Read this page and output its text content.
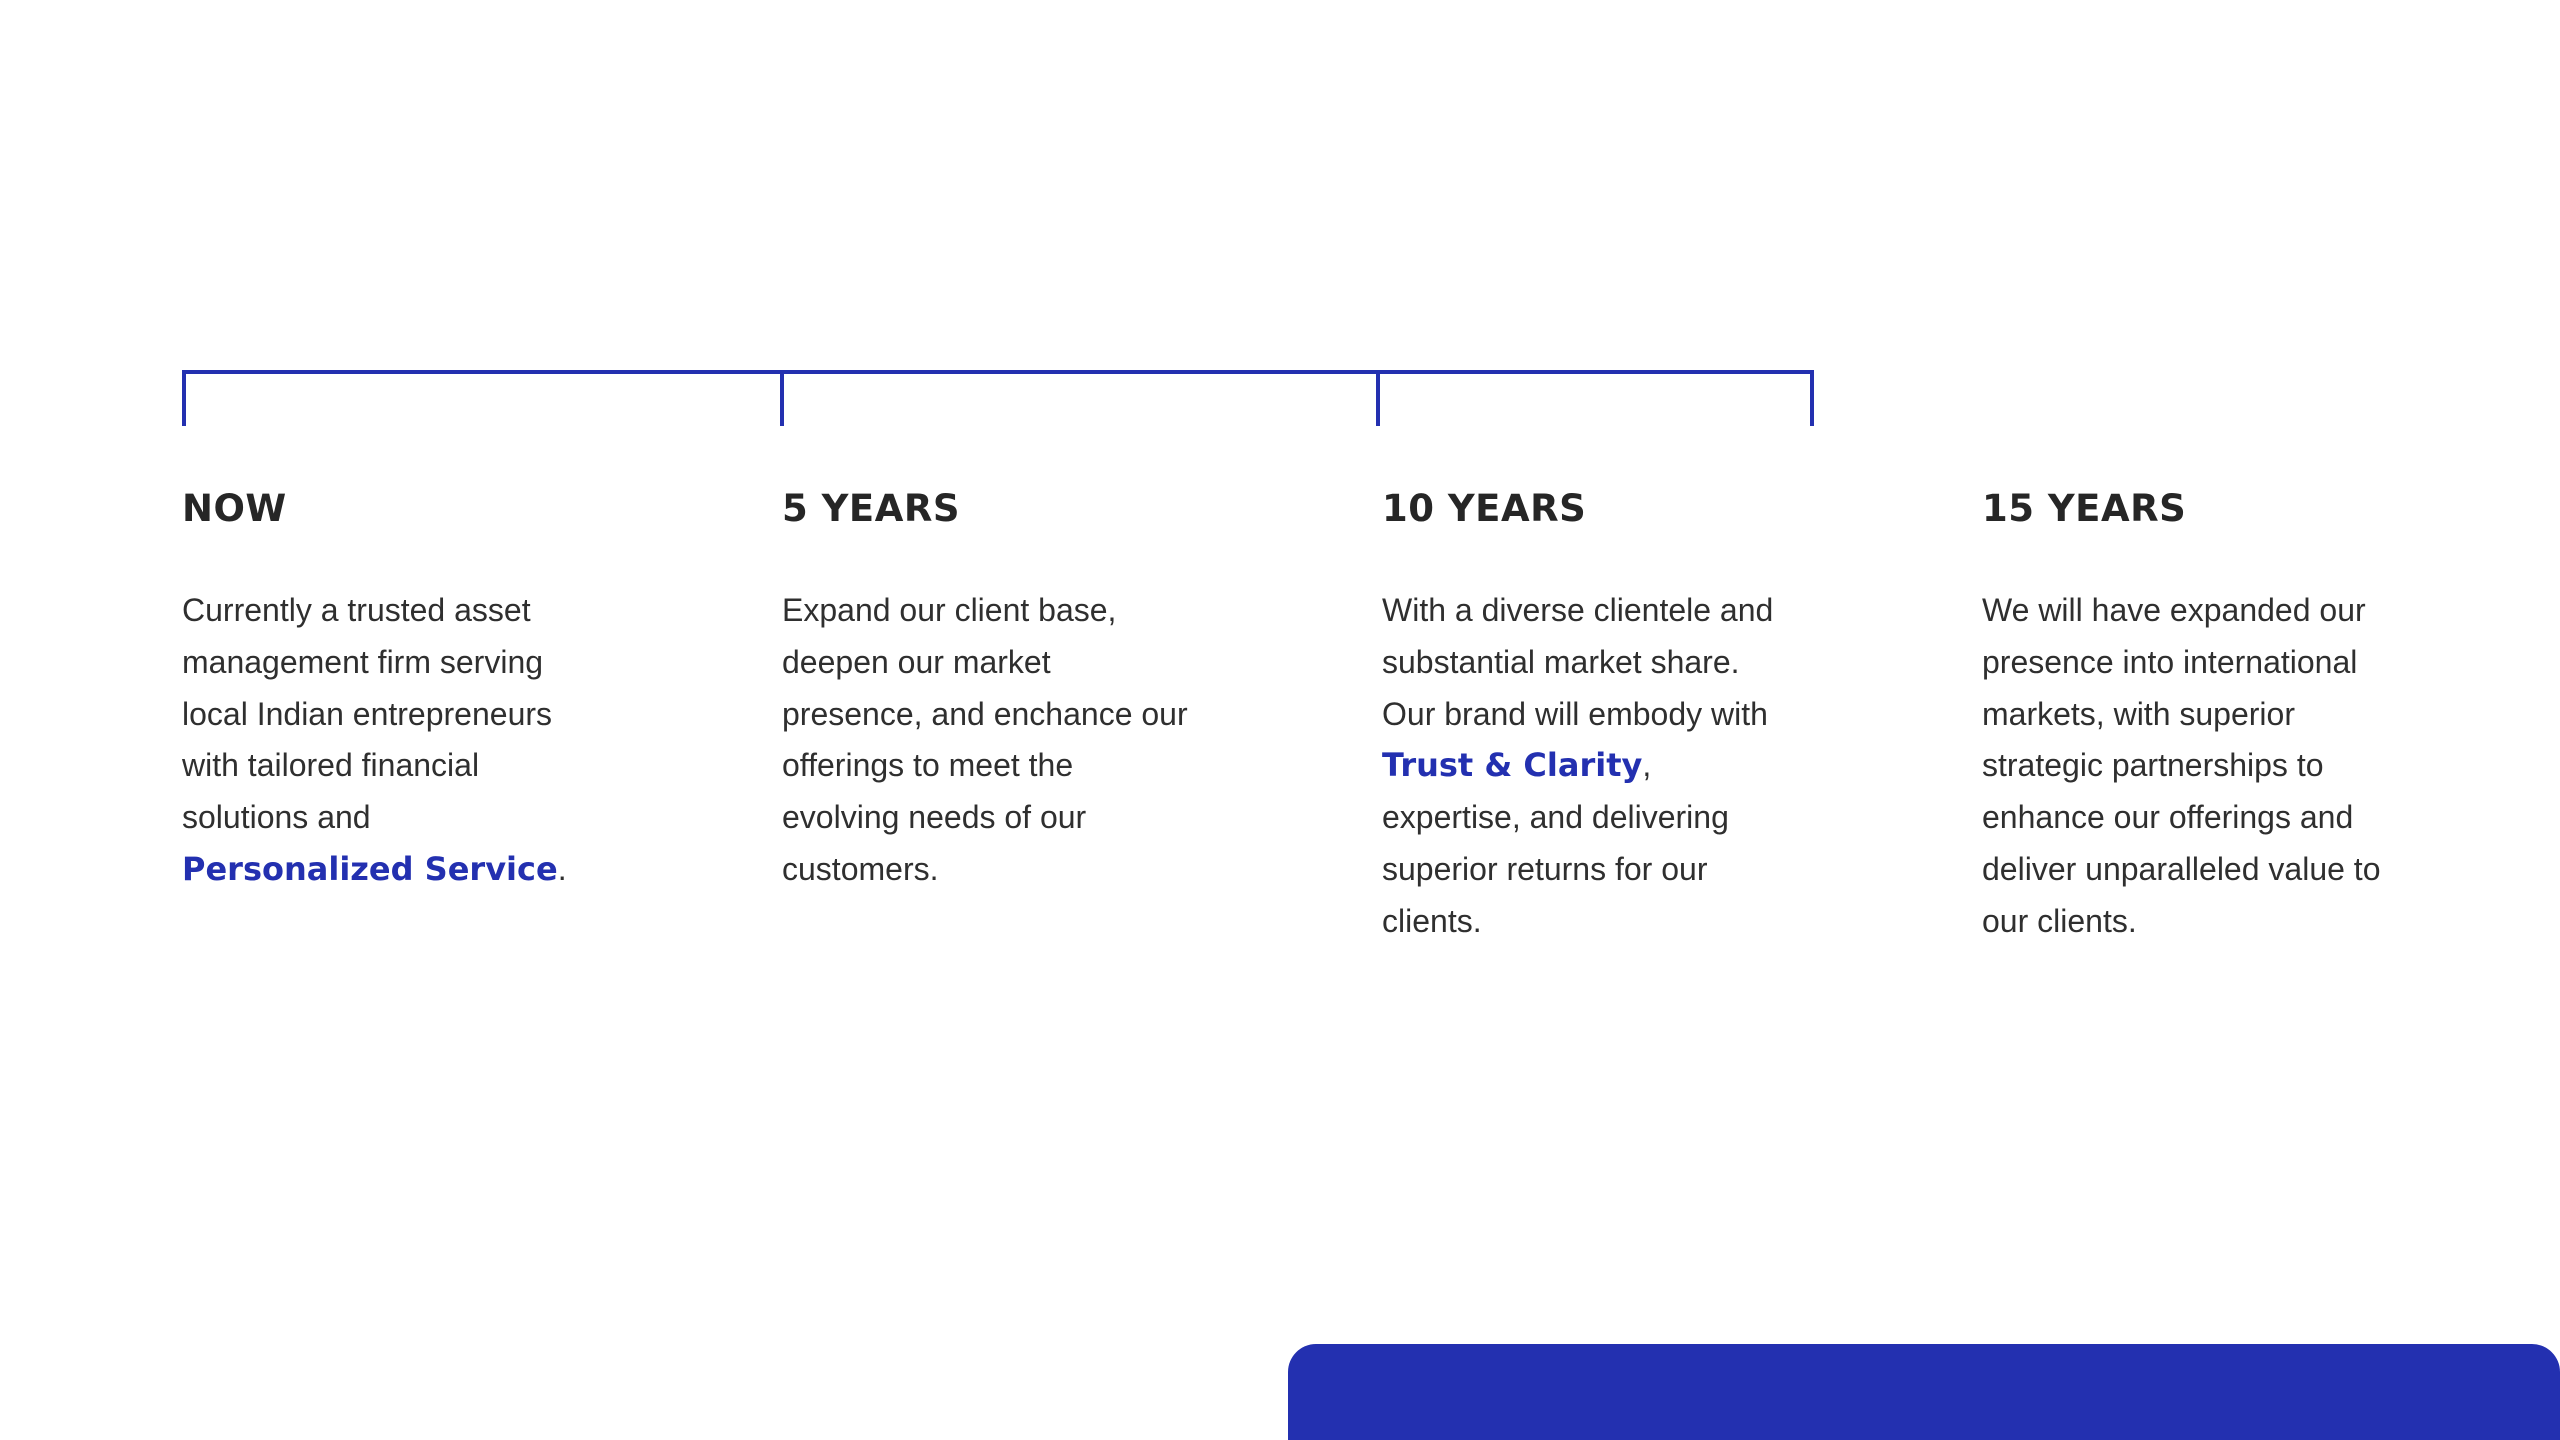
NOW

Currently a trusted asset management firm serving local Indian entrepreneurs with tailored financial solutions and Personalized Service.

5 YEARS

Expand our client base, deepen our market presence, and enchance our offerings to meet the evolving needs of our customers.

10 YEARS

With a diverse clientele and substantial market share. Our brand will embody with Trust & Clarity, expertise, and delivering superior returns for our clients.

15 YEARS

We will have expanded our presence into international markets, with superior strategic partnerships to enhance our offerings and deliver unparalleled value to our clients.
